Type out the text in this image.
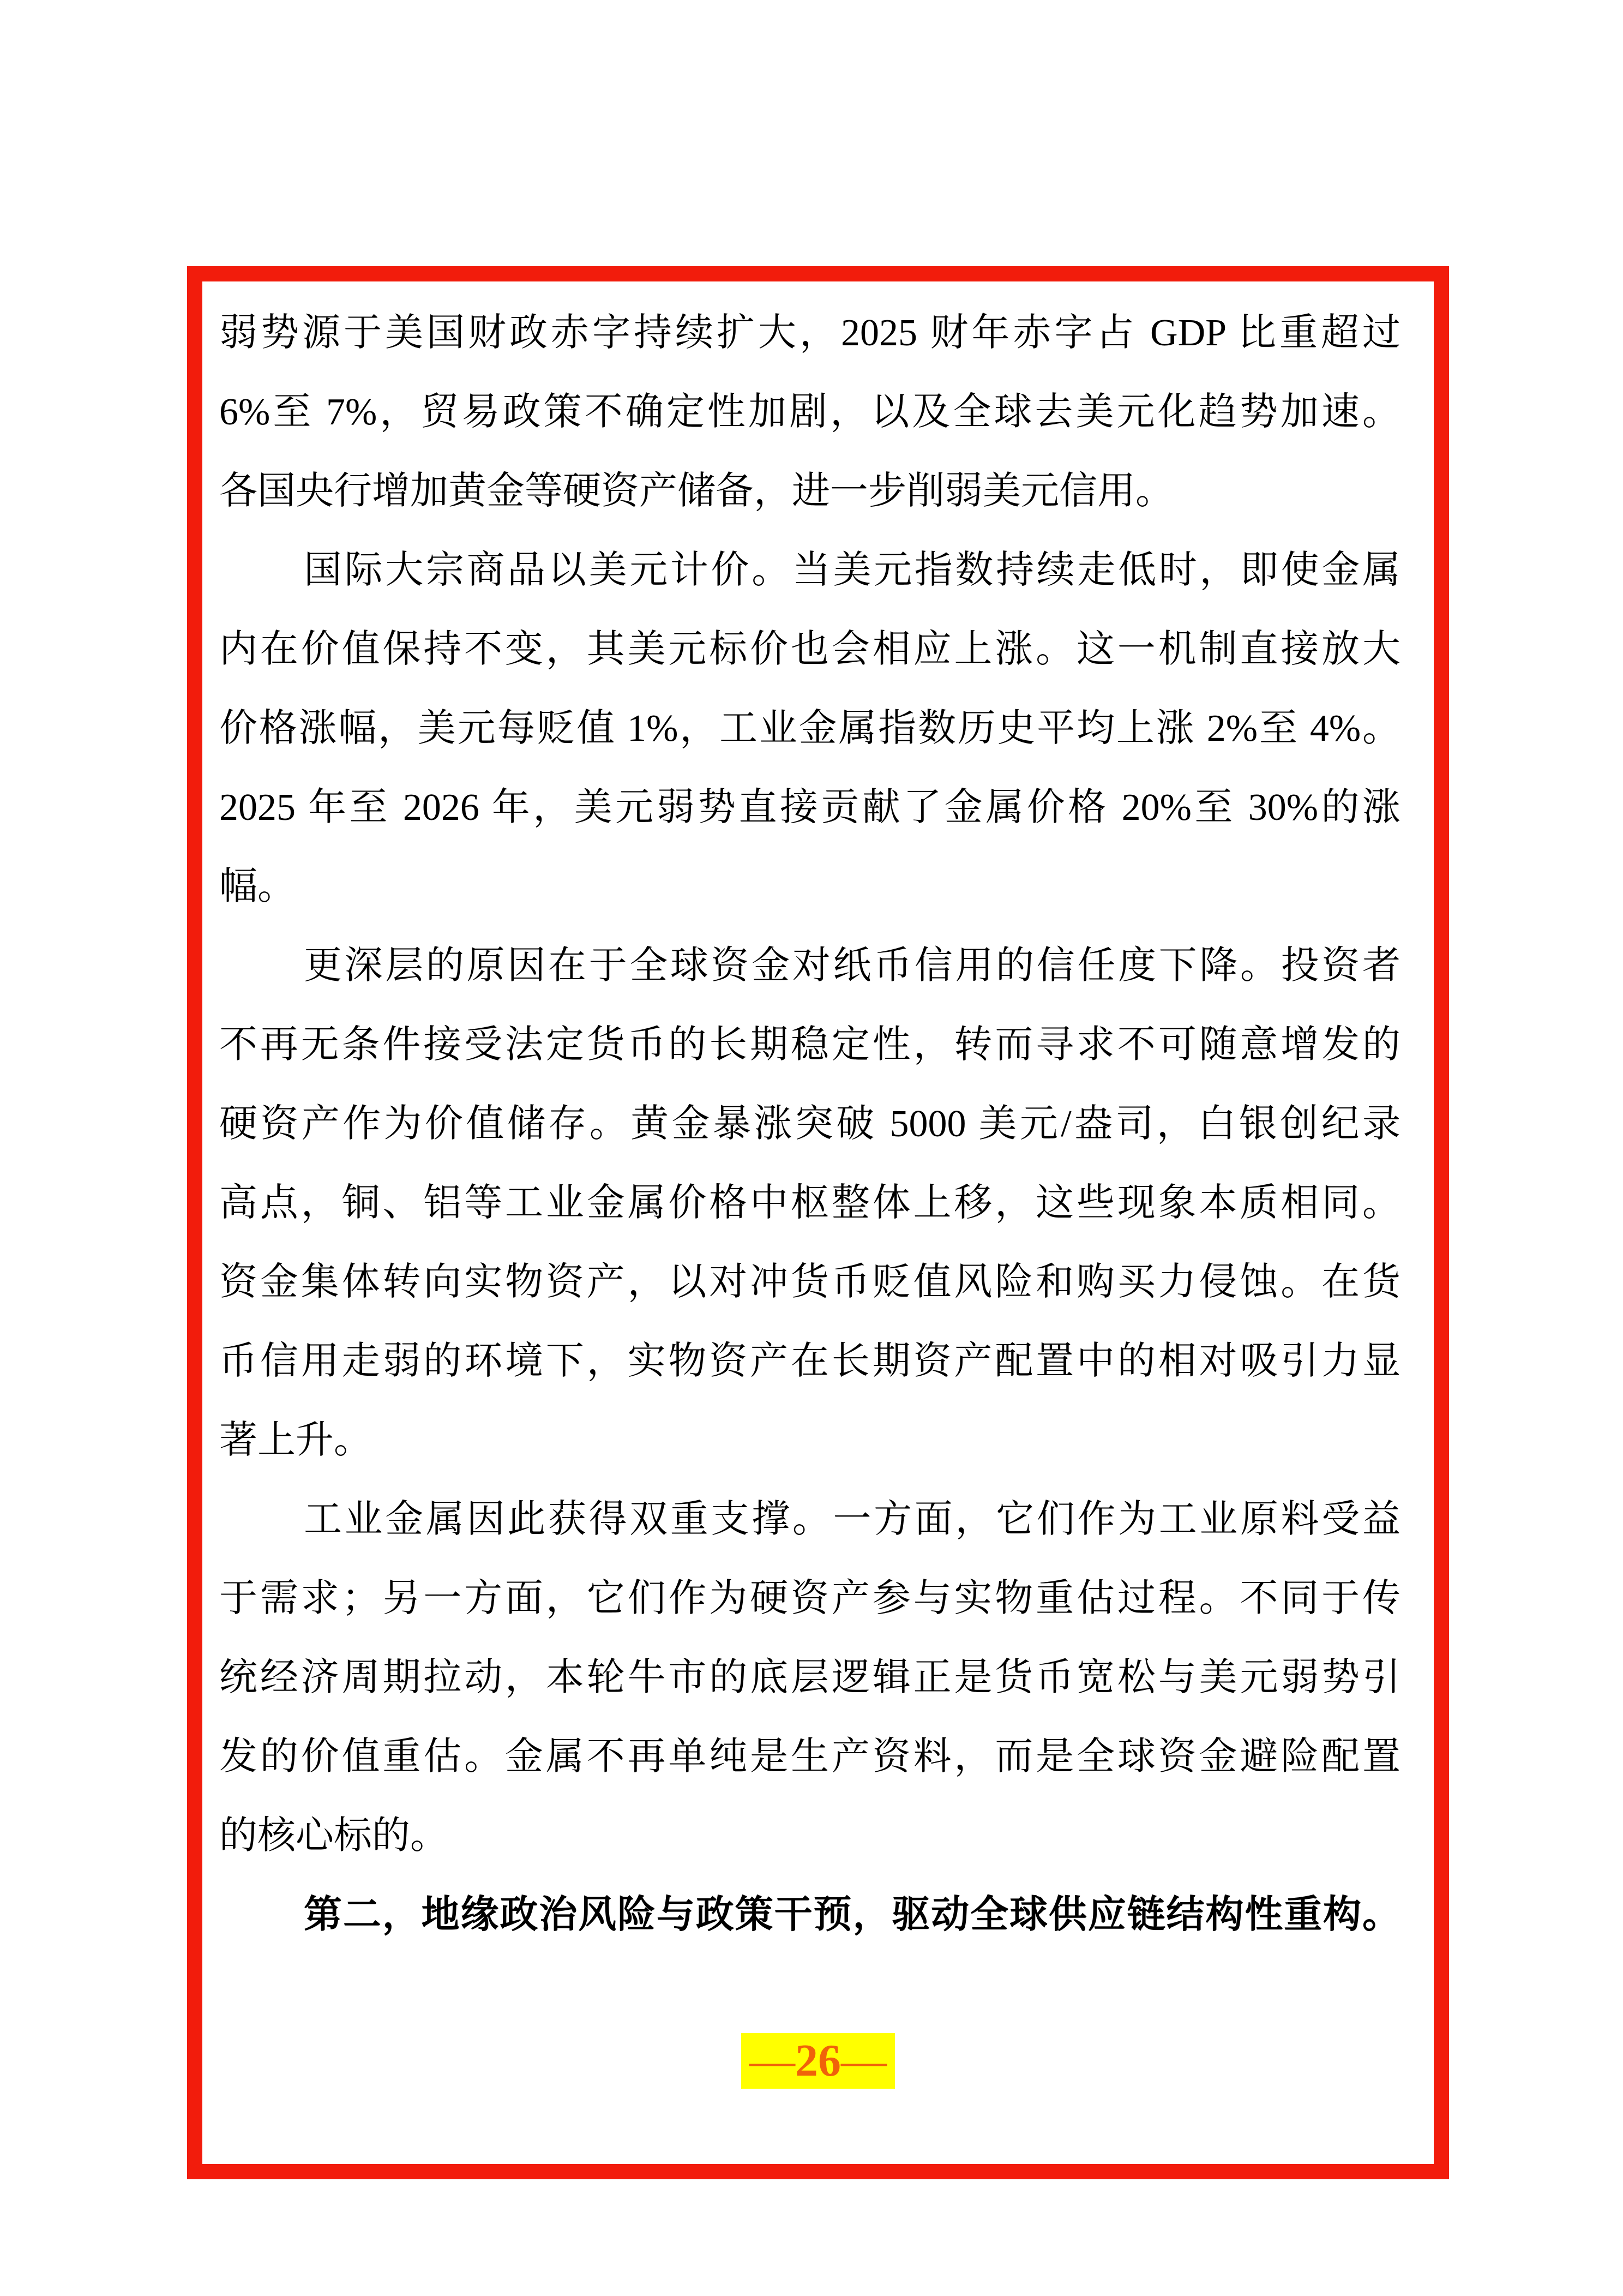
弱势源于美国财政赤字持续扩大，2025 财年赤字占 GDP 比重超过
6%至 7%，贸易政策不确定性加剧，以及全球去美元化趋势加速。
各国央行增加黄金等硬资产储备，进一步削弱美元信用。
国际大宗商品以美元计价。当美元指数持续走低时，即使金属
内在价值保持不变，其美元标价也会相应上涨。这一机制直接放大
价格涨幅，美元每贬值 1%，工业金属指数历史平均上涨 2%至 4%。
2025 年至 2026 年，美元弱势直接贡献了金属价格 20%至 30%的涨
幅。
更深层的原因在于全球资金对纸币信用的信任度下降。投资者
不再无条件接受法定货币的长期稳定性，转而寻求不可随意增发的
硬资产作为价值储存。黄金暴涨突破 5000 美元/盎司，白银创纪录
高点，铜、铝等工业金属价格中枢整体上移，这些现象本质相同。
资金集体转向实物资产，以对冲货币贬值风险和购买力侵蚀。在货
币信用走弱的环境下，实物资产在长期资产配置中的相对吸引力显
著上升。
工业金属因此获得双重支撑。一方面，它们作为工业原料受益
于需求；另一方面，它们作为硬资产参与实物重估过程。不同于传
统经济周期拉动，本轮牛市的底层逻辑正是货币宽松与美元弱势引
发的价值重估。金属不再单纯是生产资料，而是全球资金避险配置
的核心标的。
第二，地缘政治风险与政策干预，驱动全球供应链结构性重构。
—26—
